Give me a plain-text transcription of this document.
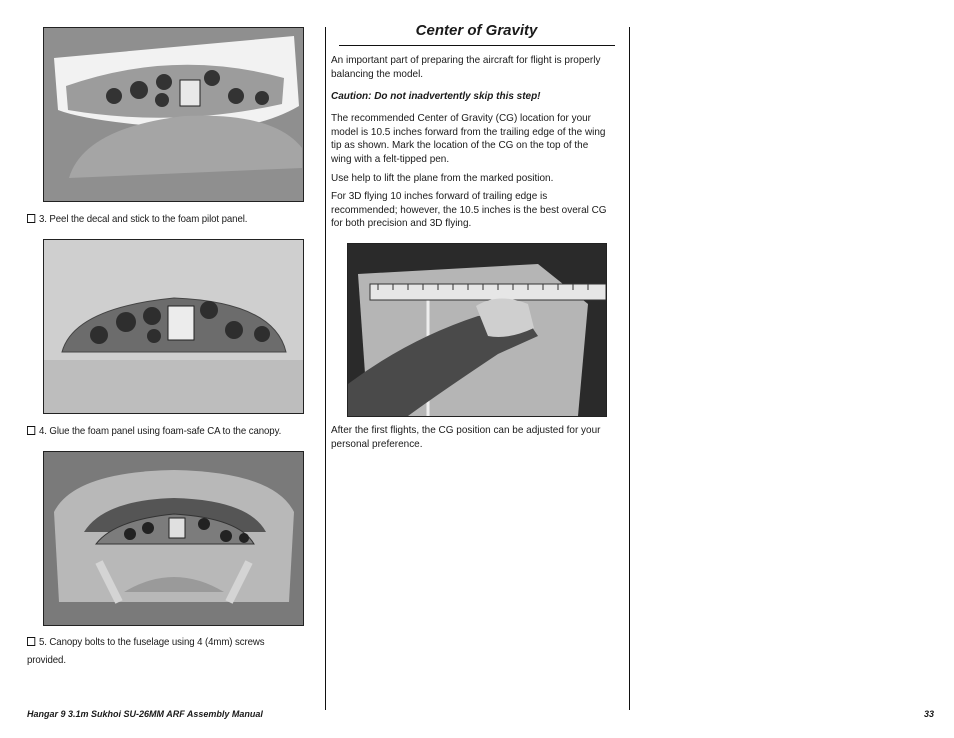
3. Peel the decal and stick to the foam pilot panel.
4. Glue the foam panel using foam-safe CA to the canopy.
5. Canopy bolts to the fuselage using 4 (4mm) screws
provided.
Center of Gravity
An important part of preparing the aircraft for flight is properly balancing the model.
Caution: Do not inadvertently skip this step!
The recommended Center of Gravity (CG) location for your model is 10.5 inches forward from the trailing edge of the wing tip as shown. Mark the location of the CG on the top of the wing with a felt-tipped pen.
Use help to lift the plane from the marked position.
For 3D flying 10 inches forward of trailing edge is recommended; however, the 10.5 inches is the best overal CG for both precision and 3D flying.
After the first flights, the CG position can be adjusted for your personal preference.
Hangar 9 3.1m Sukhoi SU-26MM ARF Assembly Manual	33
